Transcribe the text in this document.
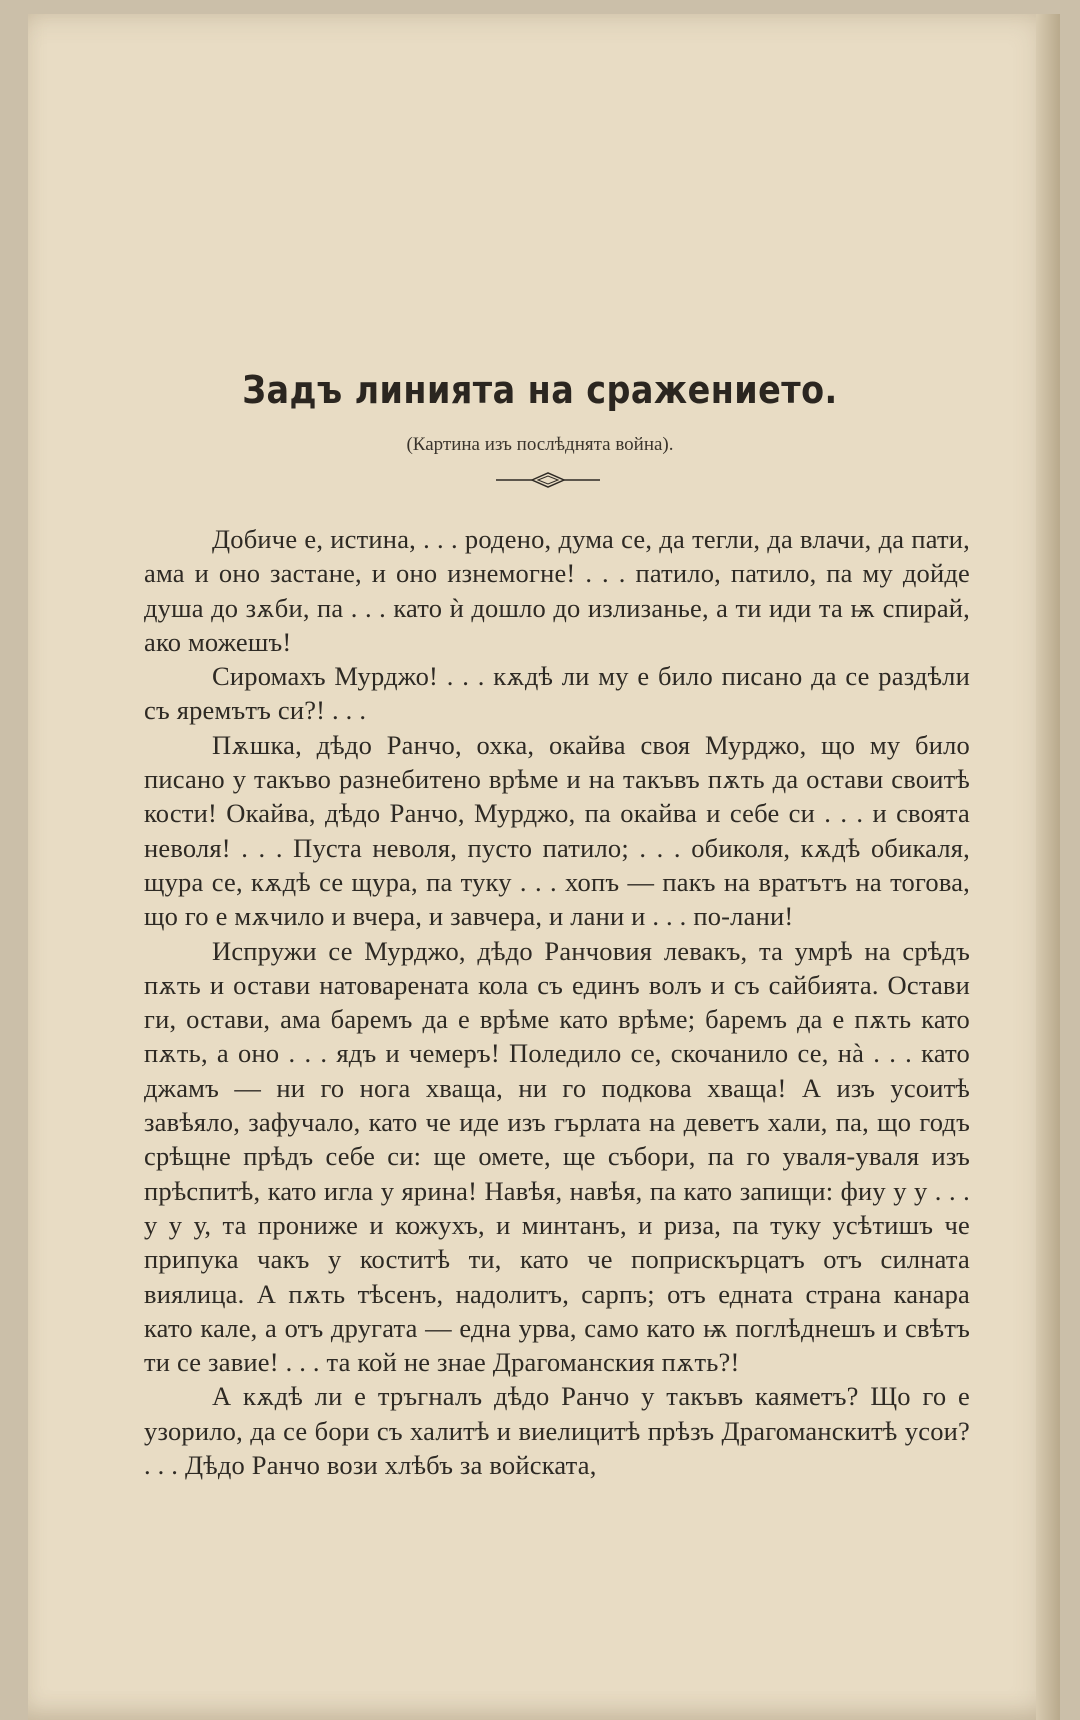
Задъ линията на сражението.
(Картина изъ послѣднята война).

Добиче е, истина, . . . родено, дума се, да тегли, да влачи, да пати, ама и оно застане, и оно изнемогне! . . . патило, патило, па му дойде душа до зѫби, па . . . като ѝ дошло до излизанье, а ти иди та ѭ спирай, ако можешъ!

Сиромахъ Мурджо! . . . кѫдѣ ли му е било писано да се раздѣли съ яремътъ си?! . . .

Пѫшка, дѣдо Ранчо, охка, окайва своя Мурджо, що му било писано у такъво разнебитено врѣме и на такъвъ пѫть да остави своитѣ кости! Окайва, дѣдо Ранчо, Мурджо, па окайва и себе си . . . и своята неволя! . . . Пуста неволя, пусто патило; . . . обиколя, кѫдѣ обикаля, щура се, кѫдѣ се щура, па туку . . . хопъ — пакъ на вратътъ на тогова, що го е мѫчило и вчера, и завчера, и лани и . . . по-лани!

Испружи се Мурджо, дѣдо Ранчовия левакъ, та умрѣ на срѣдъ пѫть и остави натоварената кола съ единъ волъ и съ сайбията. Остави ги, остави, ама баремъ да е врѣме като врѣме; баремъ да е пѫть като пѫть, а оно . . . ядъ и чемеръ! Поледило се, скочанило се, нà . . . като джамъ — ни го нога хваща, ни го подкова хваща! А изъ усоитѣ завѣяло, зафучало, като че иде изъ гърлата на деветъ хали, па, що годъ срѣщне прѣдъ себе си: ще омете, ще събори, па го уваля-уваля изъ прѣспитѣ, като игла у ярина! Навѣя, навѣя, па като запищи: фиу у у . . . у у у, та прониже и кожухъ, и минтанъ, и риза, па туку усѣтишъ че припука чакъ у коститѣ ти, като че поприскърцатъ отъ силната виялица. А пѫть тѣсенъ, надолитъ, сарпъ; отъ едната страна канара като кале, а отъ другата — една урва, само като ѭ поглѣднешъ и свѣтъ ти се завие! . . . та кой не знае Драгоманския пѫть?!

А кѫдѣ ли е тръгналъ дѣдо Ранчо у такъвъ каяметъ? Що го е узорило, да се бори съ халитѣ и виелицитѣ прѣзъ Драгоманскитѣ усои? . . . Дѣдо Ранчо вози хлѣбъ за войската,
